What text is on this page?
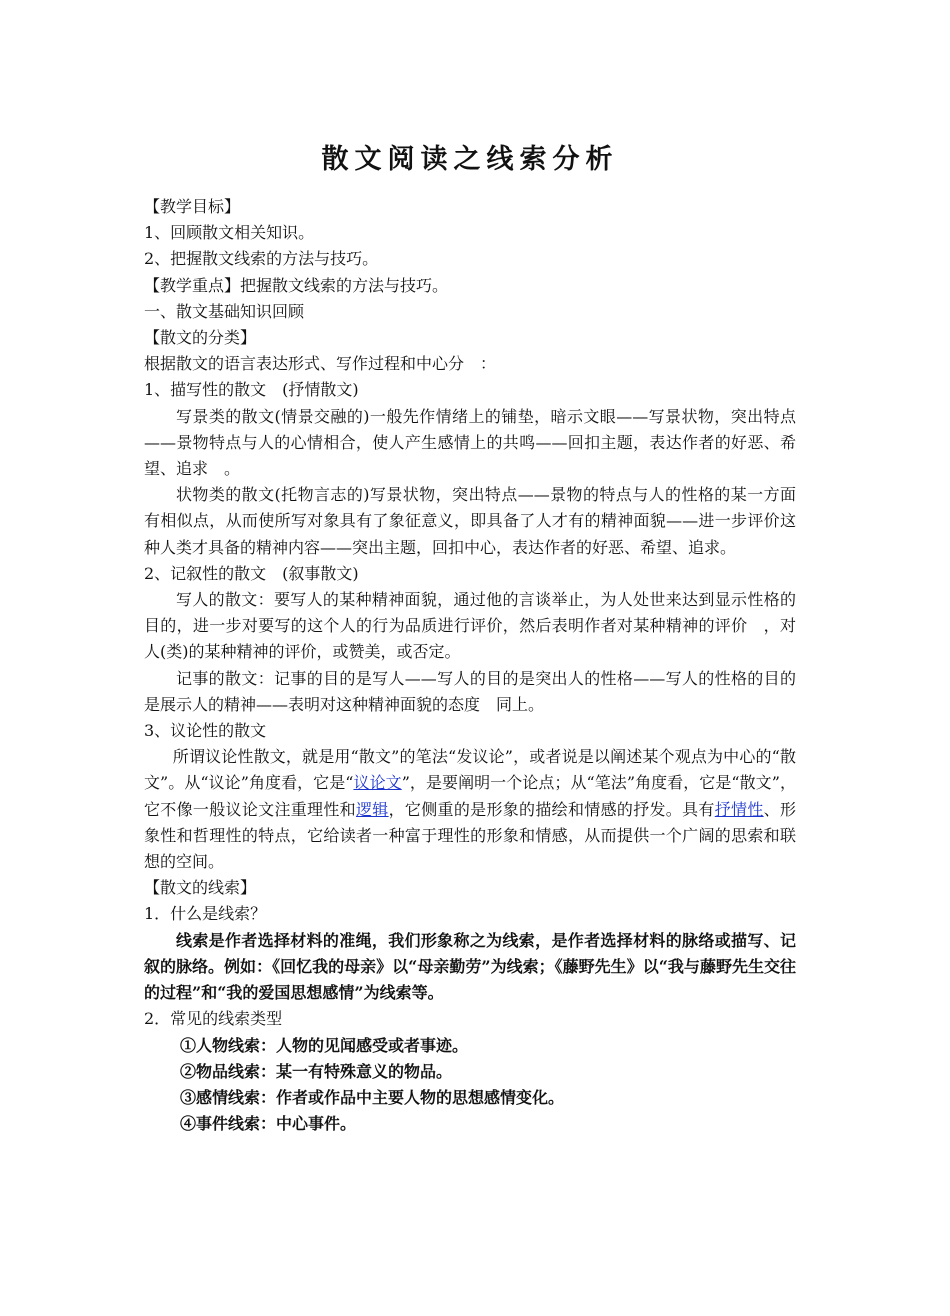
散文阅读之线索分析

【教学目标】

1、回顾散文相关知识。

2、把握散文线索的方法与技巧。

【教学重点】把握散文线索的方法与技巧。

一、散文基础知识回顾

【散文的分类】

根据散文的语言表达形式、写作过程和中心分　：

1、描写性的散文　(抒情散文)

写景类的散文(情景交融的)一般先作情绪上的铺垫，暗示文眼——写景状物，突出特点——景物特点与人的心情相合，使人产生感情上的共鸣——回扣主题，表达作者的好恶、希望、追求　。

状物类的散文(托物言志的)写景状物，突出特点——景物的特点与人的性格的某一方面有相似点，从而使所写对象具有了象征意义，即具备了人才有的精神面貌——进一步评价这种人类才具备的精神内容——突出主题，回扣中心，表达作者的好恶、希望、追求。

2、记叙性的散文　(叙事散文)

写人的散文：要写人的某种精神面貌，通过他的言谈举止，为人处世来达到显示性格的目的，进一步对要写的这个人的行为品质进行评价，然后表明作者对某种精神的评价　，对人(类)的某种精神的评价，或赞美，或否定。

记事的散文：记事的目的是写人——写人的目的是突出人的性格——写人的性格的目的是展示人的精神——表明对这种精神面貌的态度　同上。

3、议论性的散文

所谓议论性散文，就是用“散文”的笔法“发议论”，或者说是以阐述某个观点为中心的“散文”。从“议论”角度看，它是“议论文”，是要阐明一个论点；从“笔法”角度看，它是“散文”，它不像一般议论文注重理性和逻辑，它侧重的是形象的描绘和情感的抒发。具有抒情性、形象性和哲理性的特点，它给读者一种富于理性的形象和情感，从而提供一个广阔的思索和联想的空间。

【散文的线索】

1．什么是线索？

线索是作者选择材料的准绳，我们形象称之为线索，是作者选择材料的脉络或描写、记叙的脉络。例如：《回忆我的母亲》以“母亲勤劳”为线索；《藤野先生》以“我与藤野先生交往的过程”和“我的爱国思想感情”为线索等。

2．常见的线索类型

①人物线索：人物的见闻感受或者事迹。

②物品线索：某一有特殊意义的物品。

③感情线索：作者或作品中主要人物的思想感情变化。

④事件线索：中心事件。
